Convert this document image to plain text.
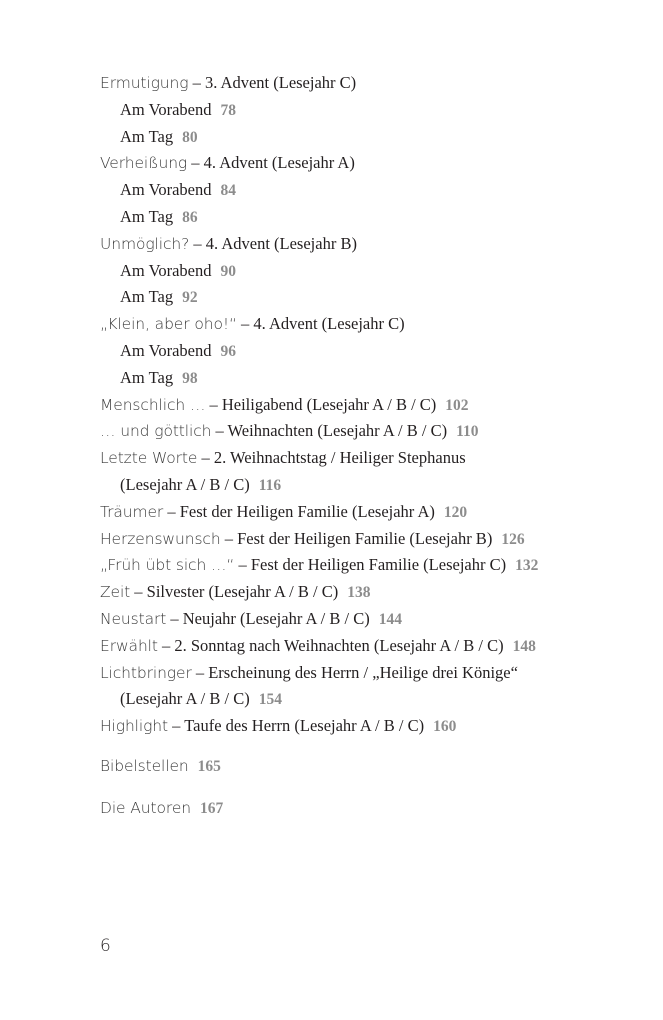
Ermutigung – 3. Advent (Lesejahr C)
Am Vorabend 78
Am Tag 80
Verheißung – 4. Advent (Lesejahr A)
Am Vorabend 84
Am Tag 86
Unmöglich? – 4. Advent (Lesejahr B)
Am Vorabend 90
Am Tag 92
„Klein, aber oho!“ – 4. Advent (Lesejahr C)
Am Vorabend 96
Am Tag 98
Menschlich … – Heiligabend (Lesejahr A / B / C) 102
… und göttlich – Weihnachten (Lesejahr A / B / C) 110
Letzte Worte – 2. Weihnachtstag / Heiliger Stephanus
(Lesejahr A / B / C) 116
Träumer – Fest der Heiligen Familie (Lesejahr A) 120
Herzenswunsch – Fest der Heiligen Familie (Lesejahr B) 126
„Früh übt sich …“ – Fest der Heiligen Familie (Lesejahr C) 132
Zeit – Silvester (Lesejahr A / B / C) 138
Neustart – Neujahr (Lesejahr A / B / C) 144
Erwählt – 2. Sonntag nach Weihnachten (Lesejahr A / B / C) 148
Lichtbringer – Erscheinung des Herrn / „Heilige drei Könige“
(Lesejahr A / B / C) 154
Highlight – Taufe des Herrn (Lesejahr A / B / C) 160
Bibelstellen 165
Die Autoren 167
6
